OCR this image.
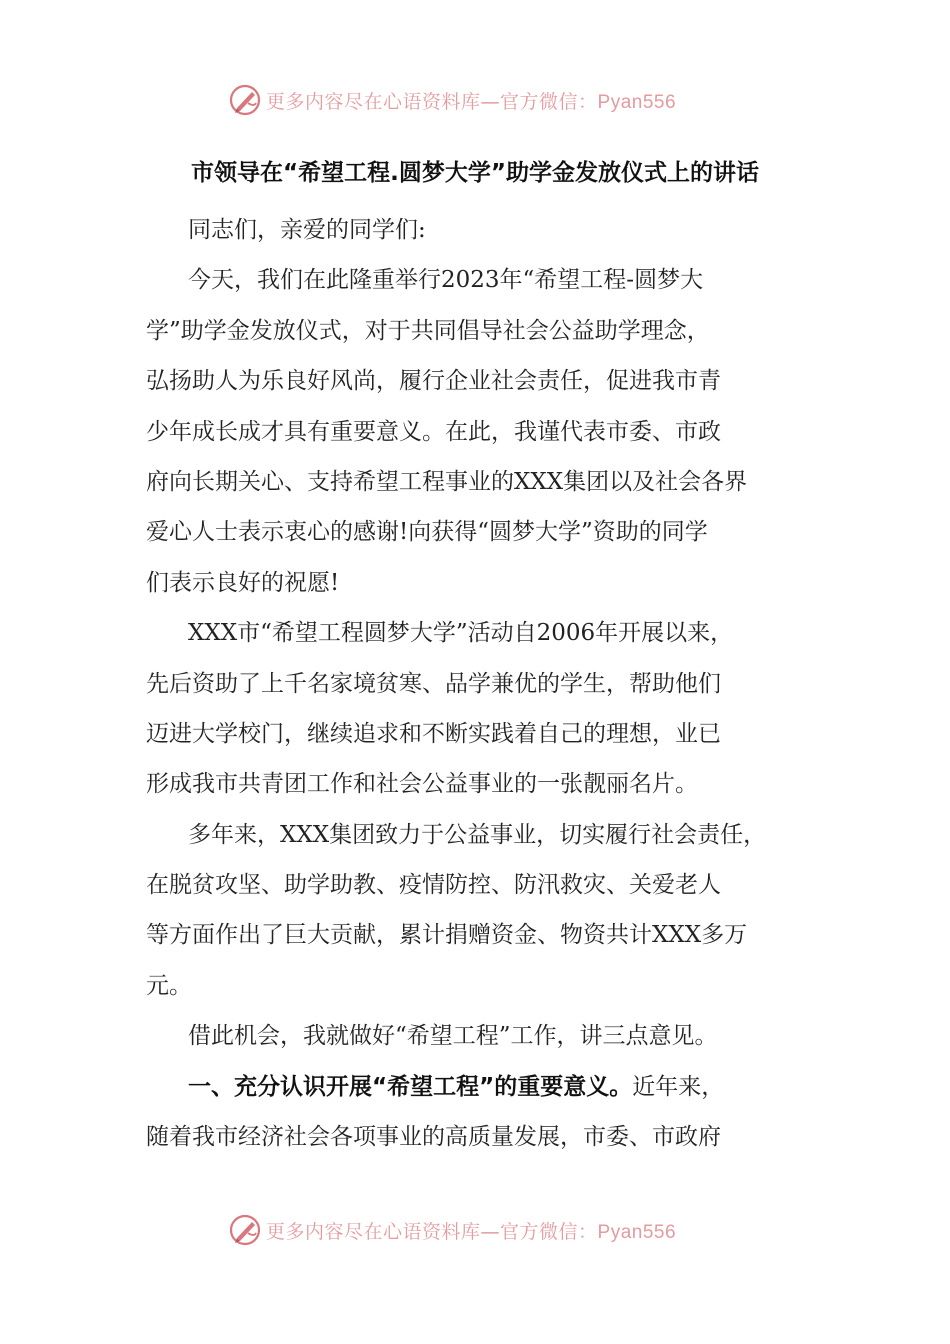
更多内容尽在心语资料库—官方微信：Pyan556
市领导在“希望工程.圆梦大学”助学金发放仪式上的讲话
同志们，亲爱的同学们:
今天，我们在此隆重举行2023年“希望工程-圆梦大
学”助学金发放仪式，对于共同倡导社会公益助学理念，
弘扬助人为乐良好风尚，履行企业社会责任，促进我市青
少年成长成才具有重要意义。在此，我谨代表市委、市政
府向长期关心、支持希望工程事业的XXX集团以及社会各界
爱心人士表示衷心的感谢!向获得“圆梦大学”资助的同学
们表示良好的祝愿!
XXX市“希望工程圆梦大学”活动自2006年开展以来，
先后资助了上千名家境贫寒、品学兼优的学生，帮助他们
迈进大学校门，继续追求和不断实践着自己的理想，业已
形成我市共青团工作和社会公益事业的一张靓丽名片。
多年来，XXX集团致力于公益事业，切实履行社会责任，
在脱贫攻坚、助学助教、疫情防控、防汛救灾、关爱老人
等方面作出了巨大贡献，累计捐赠资金、物资共计XXX多万
元。
借此机会，我就做好“希望工程”工作，讲三点意见。
一、充分认识开展“希望工程”的重要意义。近年来，
随着我市经济社会各项事业的高质量发展，市委、市政府
更多内容尽在心语资料库—官方微信：Pyan556
